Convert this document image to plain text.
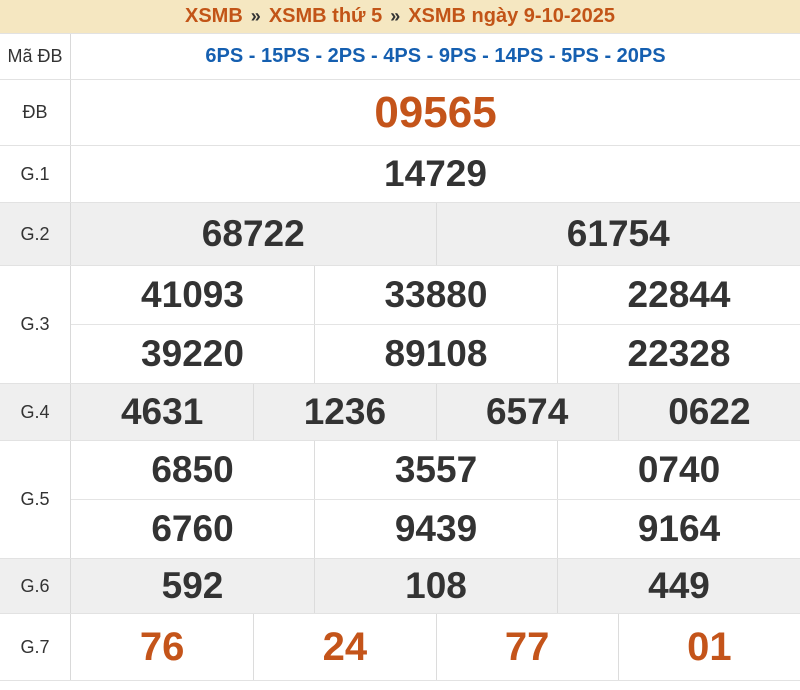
XSMB » XSMB thứ 5 » XSMB ngày 9-10-2025
Mã ĐB	6PS - 15PS - 2PS - 4PS - 9PS - 14PS - 5PS - 20PS
ĐB	09565
G.1	14729
G.2	68722	61754
G.3
41093	33880	22844
39220	89108	22328
G.4	4631	1236	6574	0622
G.5
6850	3557	0740
6760	9439	9164
G.6	592	108	449
G.7	76	24	77	01
